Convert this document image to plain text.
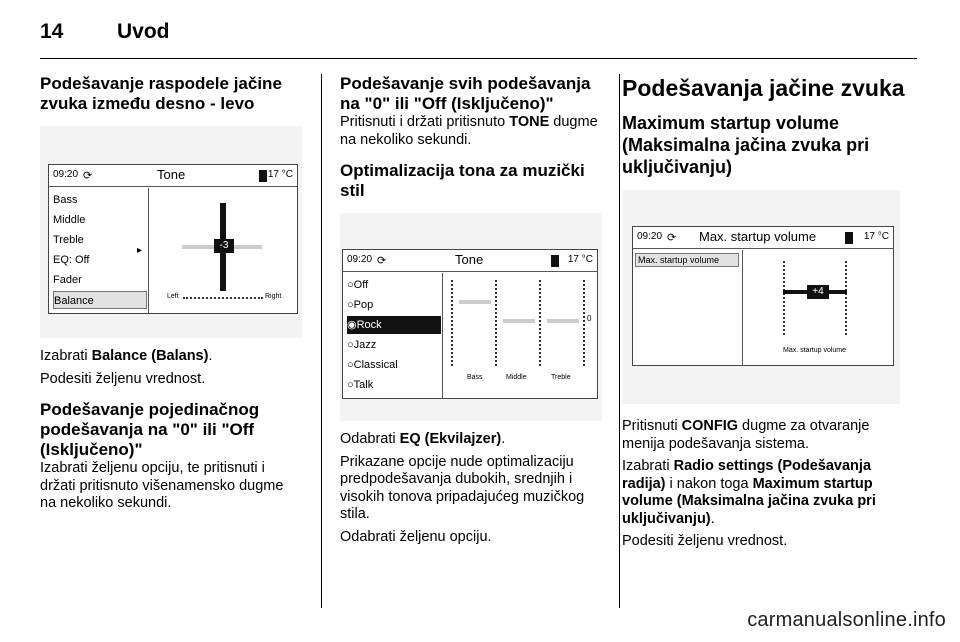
14	Uvod
Podešavanje raspodele jačine zvuka između desno - levo
09:20 ⟳	Tone	17 °C
Bass
Middle
Treble
EQ: Off
Fader
Balance
▸	-3
Left	Right

Izabrati Balance (Balans).

Podesiti željenu vrednost.

Podešavanje pojedinačnog podešavanja na "0" ili "Off (Isključeno)"

Izabrati željenu opciju, te pritisnuti i držati pritisnuto višenamensko dugme na nekoliko sekundi.

Podešavanje svih podešavanja na "0" ili "Off (Isključeno)"

Pritisnuti i držati pritisnuto TONE dugme na nekoliko sekundi.

Optimalizacija tona za muzički stil
09:20 ⟳	Tone	17 °C
○Off
○Pop
◉Rock
○Jazz
○Classical
○Talk
0
Bass	Middle	Treble

Odabrati EQ (Ekvilajzer).

Prikazane opcije nude optimalizaciju predpodešavanja dubokih, srednjih i visokih tonova pripadajućeg muzičkog stila.

Odabrati željenu opciju.

Podešavanja jačine zvuka
Maximum startup volume (Maksimalna jačina zvuka pri uključivanju)
09:20 ⟳ Max. startup volume	17 °C
Max. startup volume
+4
Max. startup volume

Pritisnuti CONFIG dugme za otvaranje menija podešavanja sistema.

Izabrati Radio settings (Podešavanja radija) i nakon toga Maximum startup volume (Maksimalna jačina zvuka pri uključivanju).

Podesiti željenu vrednost.

carmanualsonline.info
